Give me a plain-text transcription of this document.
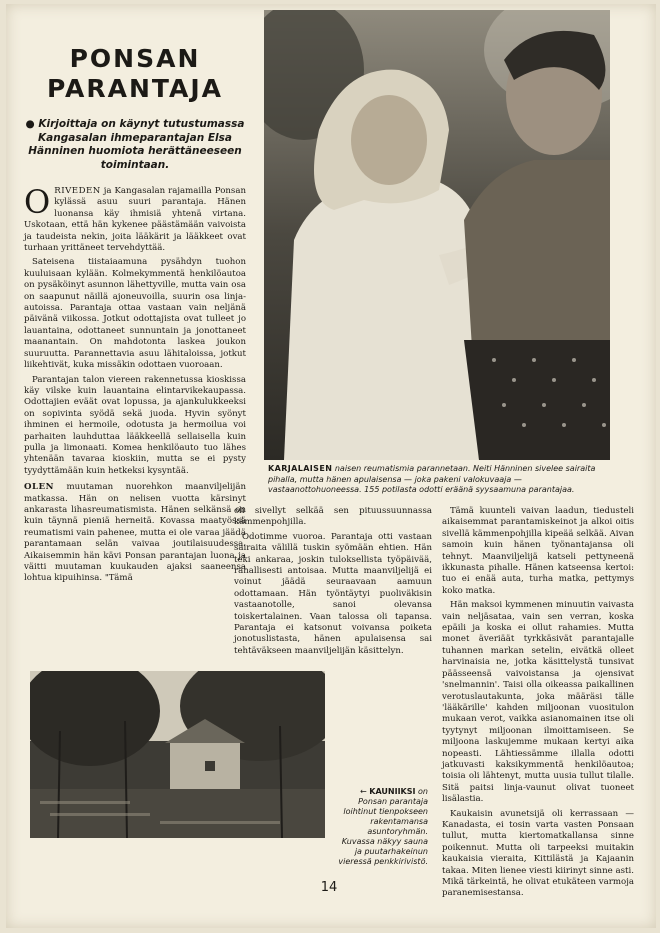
PONSAN
PARANTAJA

● Kirjoittaja on käynyt tutustumassa Kangasalan ihmeparantajan Elsa Hänninen huomiota herättäneeseen toimintaan.

ORIVEDEN ja Kangasalan rajamailla Ponsan kylässä asuu suuri parantaja. Hänen luonansa käy ihmisiä yhtenä virtana. Uskotaan, että hän kykenee päästämään vaivoista ja taudeista nekin, joita lääkärit ja lääkkeet ovat turhaan yrittäneet tervehdyttää.

Sateisena tiistaiaamuna pysähdyn tuohon kuuluisaan kylään. Kolmekymmentä henkilöautoa on pysäköinyt asunnon lähettyville, mutta vain osa on saapunut näillä ajoneuvoilla, suurin osa linja-autoissa. Parantaja ottaa vastaan vain neljänä päivänä viikossa. Jotkut odottajista ovat tulleet jo lauantaina, odottaneet sunnuntain ja jonottaneet maanantain. On mahdotonta laskea joukon suuruutta. Parannettavia asuu lähitaloissa, jotkut liikehtivät, kuka missäkin odottaen vuoroaan.

Parantajan talon viereen rakennetussa kioskissa käy vilske kuin lauantaina elintarvikekaupassa. Odottajien eväät ovat lopussa, ja ajankulukkeeksi on sopivinta syödä sekä juoda. Hyvin syönyt ihminen ei hermoile, odotusta ja hermoilua voi parhaiten lauhduttaa lääkkeellä sellaisella kuin pulla ja limonaati. Komea henkilöauto tuo lähes yhtenään tavaraa kioskiin, mutta se ei pysty tyydyttämään kuin hetkeksi kysyntää.

OLEN muutaman nuorehkon maanviljelijän matkassa. Hän on nelisen vuotta kärsinyt ankarasta lihasreumatismista. Hänen selkänsä on kuin täynnä pieniä herneitä. Kovassa maatyössä reumatismi vain pahenee, mutta ei ole varaa jäädä parantamaan selän vaivaa joutilaisuudessa. Aikaisemmin hän kävi Ponsan parantajan luona ja väitti muutaman kuukauden ajaksi saaneensa lohtua kipuihinsa. "Tämä

KARJALAISEN naisen reumatismia parannetaan. Neiti Hänninen sivelee sairaita pihalla, mutta hänen apulaisensa — joka pakeni valokuvaaja — vastaanottohuoneessa. 155 potilasta odotti eräänä syysaamuna parantajaa.

oli sivellyt selkää sen pituussuunnassa kämmenpohjilla.

Odotimme vuoroa. Parantaja otti vastaan sairaita välillä tuskin syömään ehtien. Hän teki ankaraa, joskin tuloksellista työpäivää, rahallisesti antoisaa. Mutta maanviljelijä ei voinut jäädä seuraavaan aamuun odottamaan. Hän työntäytyi puoliväkisin vastaanotolle, sanoi olevansa toiskertalainen. Vaan talossa oli tapansa. Parantaja ei katsonut voivansa poiketa jonotuslistasta, hänen apulaisensa sai tehtäväkseen maanviljelijän käsittelyn.

Tämä kuunteli vaivan laadun, tiedusteli aikaisemmat parantamiskeinot ja alkoi oitis sivellä kämmenpohjilla kipeää selkää. Aivan samoin kuin hänen työnantajansa oli tehnyt. Maanviljelijä katseli pettyneenä ikkunasta pihalle. Hänen katseensa kertoi: tuo ei enää auta, turha matka, pettymys koko matka.

Hän maksoi kymmenen minuutin vaivasta vain neljäsataa, vain sen verran, koska epäili ja koska ei ollut rahamies. Mutta monet äveriäät tyrkkäsivät parantajalle tuhannen markan setelin, eivätkä olleet harvinaisia ne, jotka käsittelystä tunsivat päässeensä vaivoistansa ja ojensivat 'snelmannin'. Taisi olla oikeassa paikallinen verotuslautakunta, joka määräsi tälle 'lääkärille' kahden miljoonan vuositulon mukaan verot, vaikka asianomainen itse oli tyytynyt miljoonan ilmoittamiseen. Se miljoona laskujemme mukaan kertyi aika nopeasti. Lähtiessämme illalla odotti jatkuvasti kaksikymmentä henkilöautoa; toisia oli lähtenyt, mutta uusia tullut tilalle. Sitä paitsi linja-vaunut olivat tuoneet lisälastia.

Kaukaisin avunetsijä oli kerrassaan — Kanadasta, ei tosin varta vasten Ponsaan tullut, mutta kiertomatkallansa sinne poikennut. Mutta oli tarpeeksi muitakin kaukaisia vieraita, Kittilästä ja Kajaanin takaa. Miten lienee viesti kiirinyt sinne asti. Mikä tärkeintä, he olivat etukäteen varmoja paranemisestansa.

← KAUNIIKSI on Ponsan parantaja loihtinut tienpokseen rakentamansa asuntoryhmän. Kuvassa näkyy sauna ja puutarhakeinun vieressä penkkirivistö.
14
